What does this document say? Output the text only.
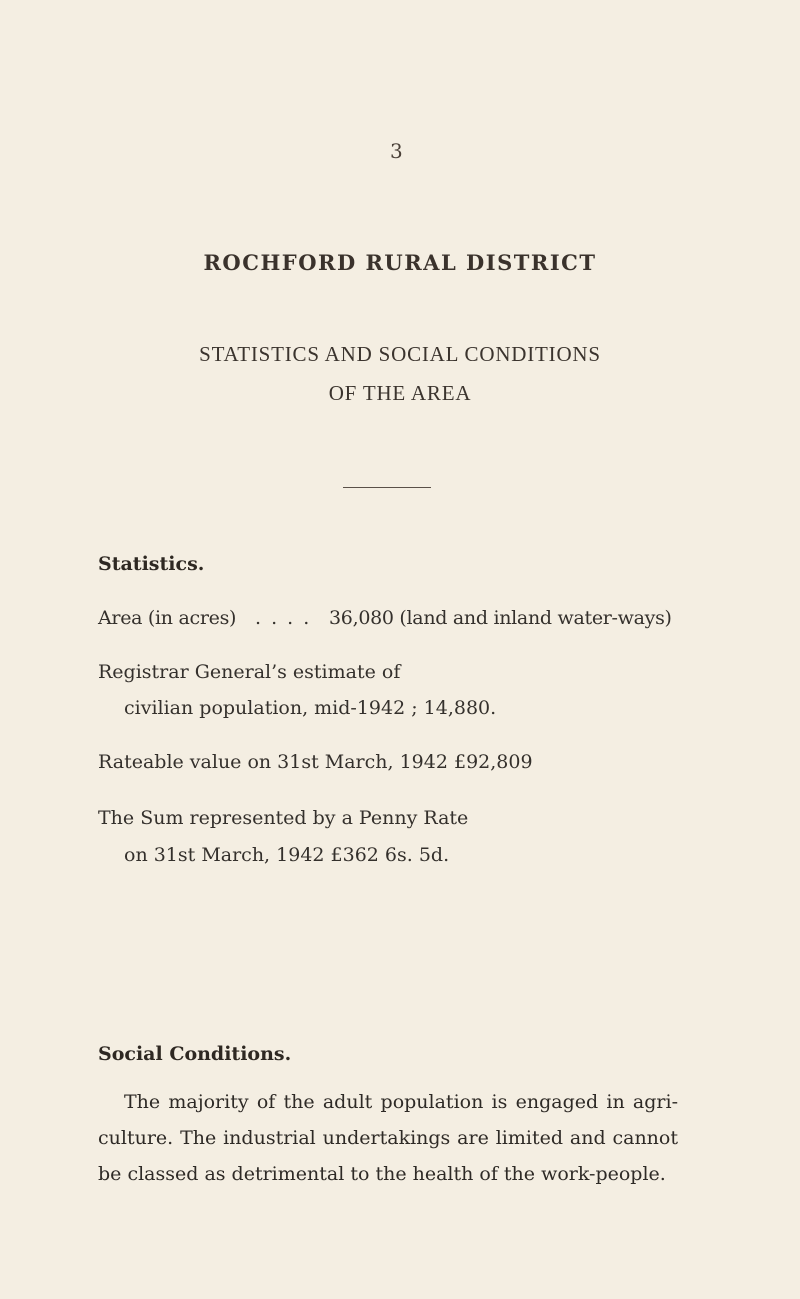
3
ROCHFORD RURAL DISTRICT
STATISTICS AND SOCIAL CONDITIONS
OF THE AREA
Statistics.
Area (in acres) . . . . 36,080 (land and inland water-ways)
Registrar General’s estimate of
civilian population, mid-1942 ; 14,880.
Rateable value on 31st March, 1942 £92,809
The Sum represented by a Penny Rate
on 31st March, 1942 £362 6s. 5d.
Social Conditions.
The majority of the adult population is engaged in agri-culture. The industrial undertakings are limited and cannot be classed as detrimental to the health of the work-people.
